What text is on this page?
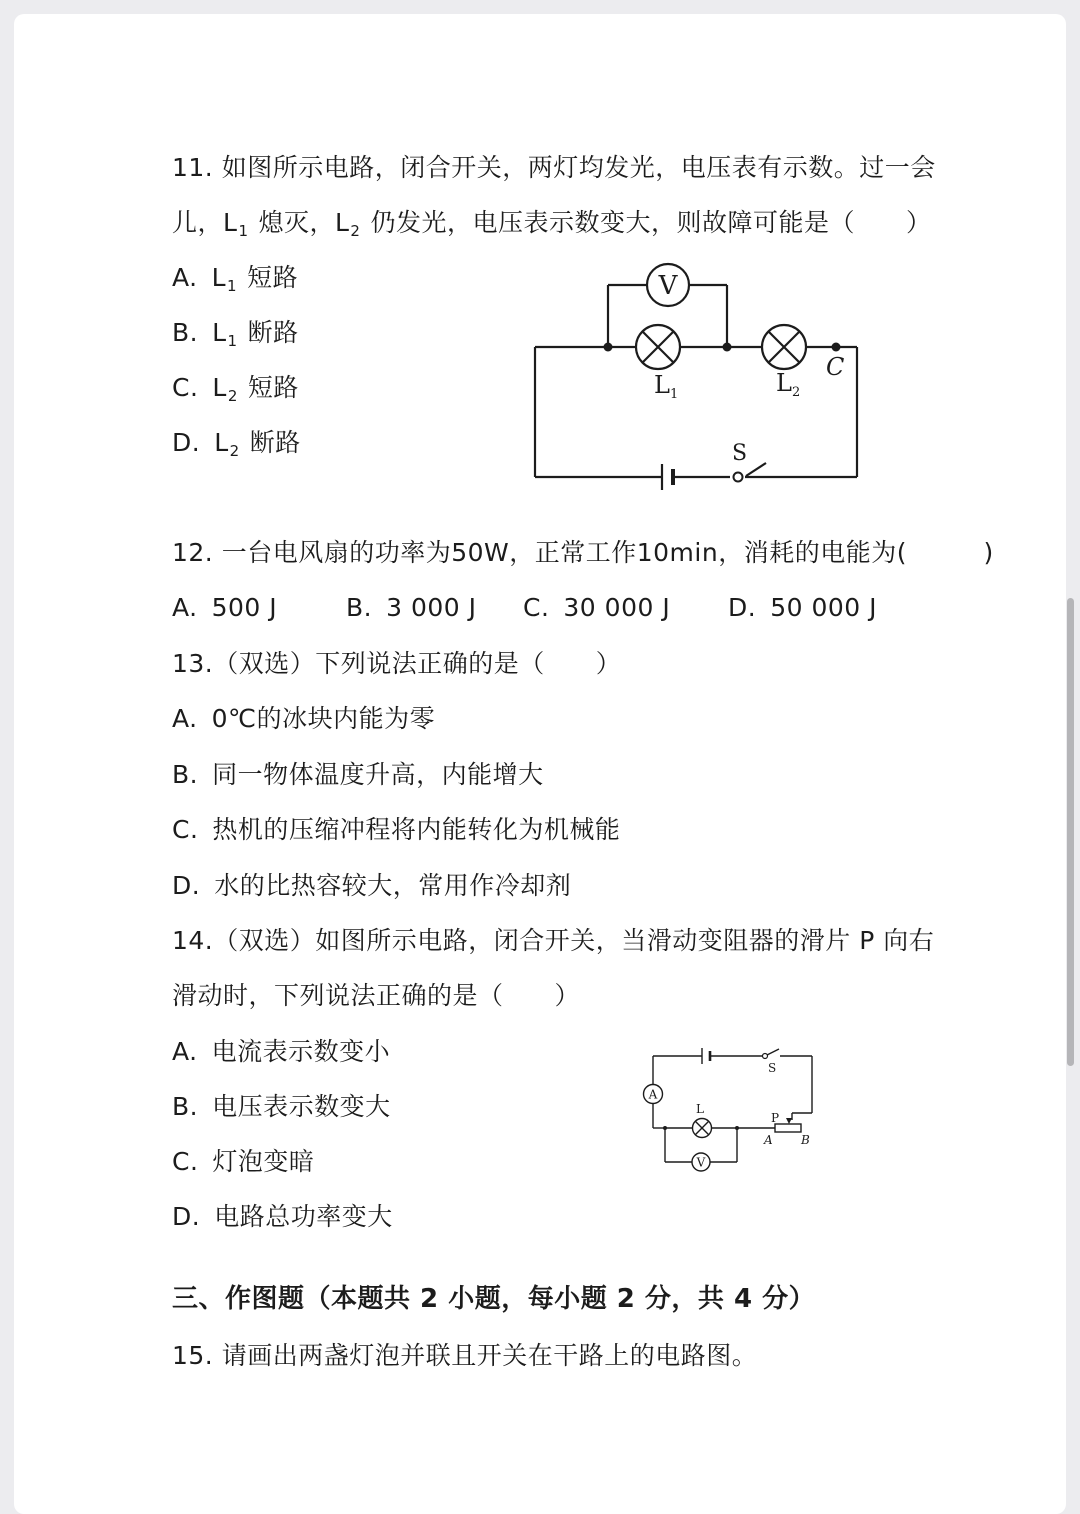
11. 如图所示电路，闭合开关，两灯均发光，电压表有示数。过一会
儿，$L_1$ 熄灭，$L_2$ 仍发光，电压表示数变大，则故障可能是（　　）
A. $L_1$ 短路
B. $L_1$ 断路
C. $L_2$ 短路
D. $L_2$ 断路
V
L 1	L 2
C
S
12. 一台电风扇的功率为50W，正常工作10min，消耗的电能为(　　　)
A. 500 J	B. 3 000 J C. 30 000 J D. 50 000 J
13.（双选）下列说法正确的是（　　）
A. 0℃的冰块内能为零
B. 同一物体温度升高，内能增大
C. 热机的压缩冲程将内能转化为机械能
D. 水的比热容较大，常用作冷却剂
14.（双选）如图所示电路，闭合开关，当滑动变阻器的滑片 P 向右
滑动时，下列说法正确的是（　　）
A. 电流表示数变小
B. 电压表示数变大
C. 灯泡变暗
D. 电路总功率变大
S
A
L
V
P
A B
三、作图题（本题共 2 小题，每小题 2 分，共 4 分）
15. 请画出两盏灯泡并联且开关在干路上的电路图。
